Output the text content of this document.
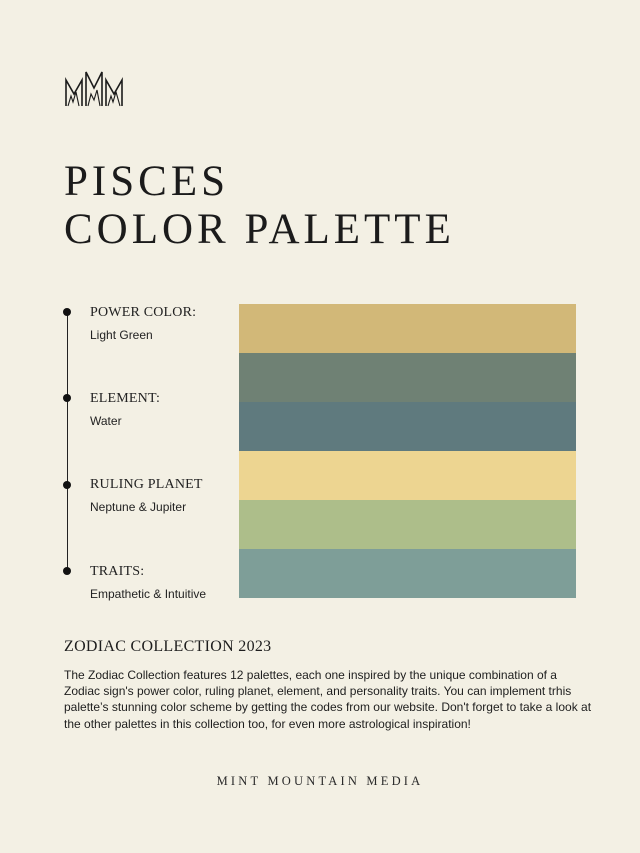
PISCES
COLOR PALETTE
POWER COLOR:
Light Green
ELEMENT:
Water
RULING PLANET
Neptune & Jupiter
TRAITS:
Empathetic & Intuitive
ZODIAC COLLECTION 2023

The Zodiac Collection features 12 palettes, each one inspired by the unique combination of a Zodiac sign's power color, ruling planet, element, and personality traits. You can implement trhis palette’s stunning color scheme by getting the codes from our website. Don't forget to take a look at the other palettes in this collection too, for even more astrological inspiration!

MINT MOUNTAIN MEDIA
